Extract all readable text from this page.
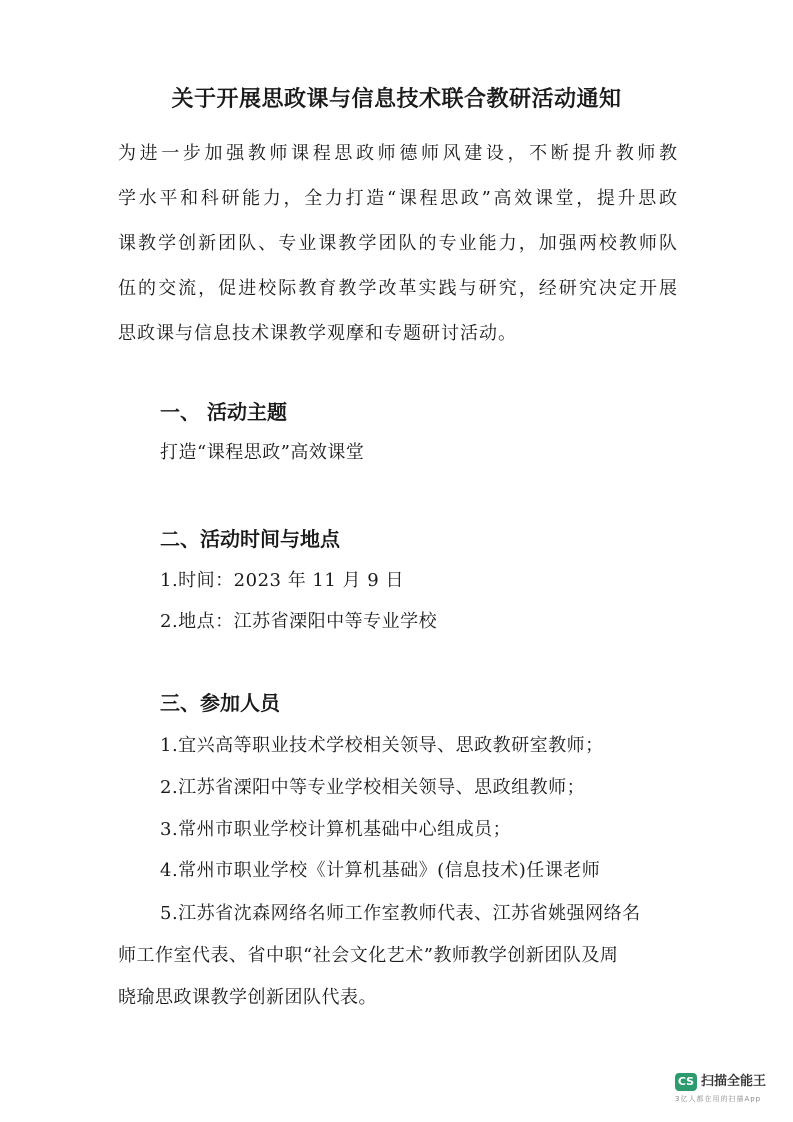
关于开展思政课与信息技术联合教研活动通知
为进一步加强教师课程思政师德师风建设，不断提升教师教
学水平和科研能力，全力打造“课程思政”高效课堂，提升思政
课教学创新团队、专业课教学团队的专业能力，加强两校教师队
伍的交流，促进校际教育教学改革实践与研究，经研究决定开展
思政课与信息技术课教学观摩和专题研讨活动。
一、 活动主题
打造“课程思政”高效课堂
二、活动时间与地点
1.时间：2023 年 11 月 9 日
2.地点：江苏省溧阳中等专业学校
三、参加人员
1.宜兴高等职业技术学校相关领导、思政教研室教师；
2.江苏省溧阳中等专业学校相关领导、思政组教师；
3.常州市职业学校计算机基础中心组成员；
4.常州市职业学校《计算机基础》(信息技术)任课老师
5.江苏省沈森网络名师工作室教师代表、江苏省姚强网络名
师工作室代表、省中职“社会文化艺术”教师教学创新团队及周
晓瑜思政课教学创新团队代表。
CS 扫描全能王
3亿人都在用的扫描App
